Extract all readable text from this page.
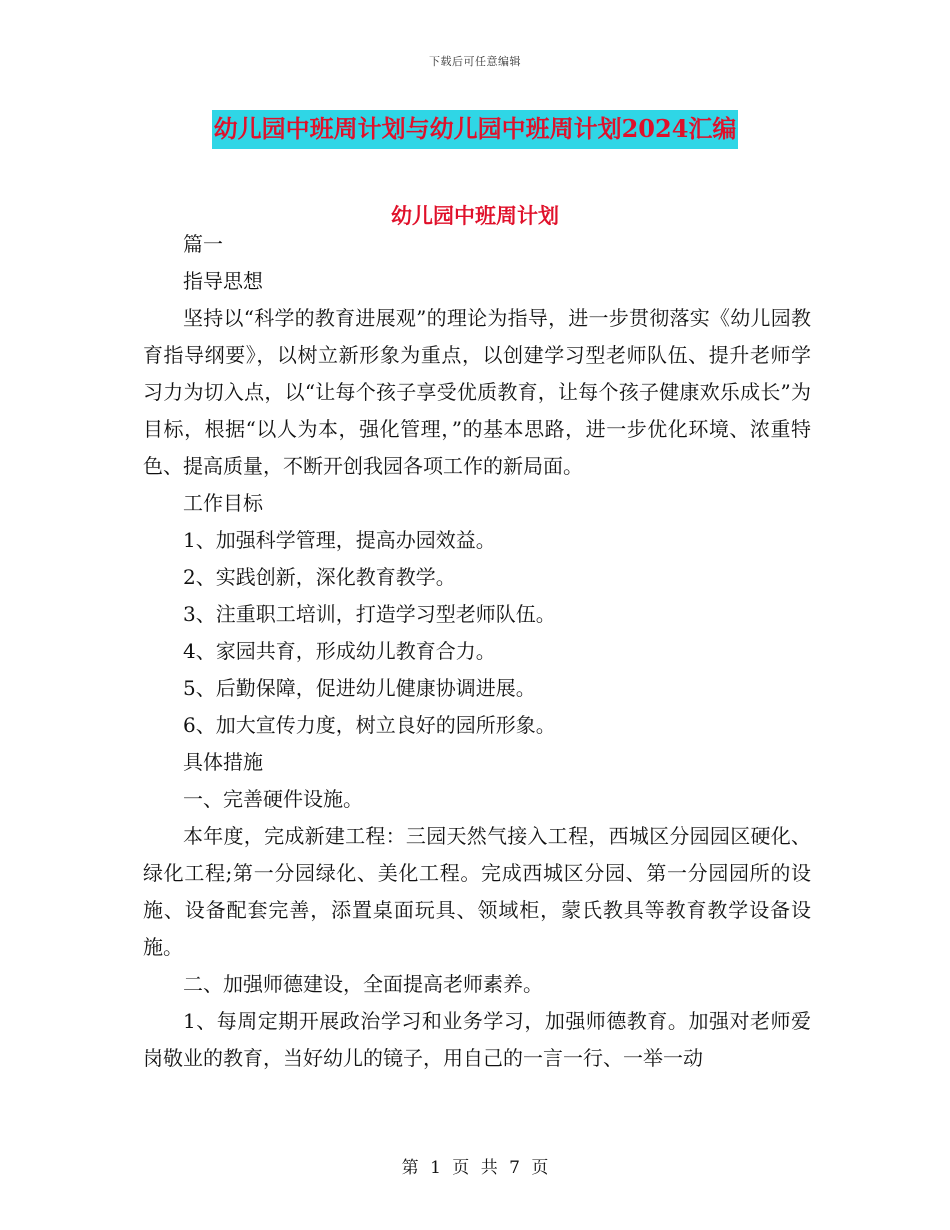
下载后可任意编辑
幼儿园中班周计划与幼儿园中班周计划2024汇编
幼儿园中班周计划

篇一

指导思想

坚持以“科学的教育进展观”的理论为指导，进一步贯彻落实《幼儿园教育指导纲要》，以树立新形象为重点，以创建学习型老师队伍、提升老师学习力为切入点，以“让每个孩子享受优质教育，让每个孩子健康欢乐成长”为目标，根据“以人为本，强化管理，”的基本思路，进一步优化环境、浓重特色、提高质量，不断开创我园各项工作的新局面。

工作目标

1、加强科学管理，提高办园效益。

2、实践创新，深化教育教学。

3、注重职工培训，打造学习型老师队伍。

4、家园共育，形成幼儿教育合力。

5、后勤保障，促进幼儿健康协调进展。

6、加大宣传力度，树立良好的园所形象。

具体措施

一、完善硬件设施。

本年度，完成新建工程：三园天然气接入工程，西城区分园园区硬化、绿化工程;第一分园绿化、美化工程。完成西城区分园、第一分园园所的设施、设备配套完善，添置桌面玩具、领域柜，蒙氏教具等教育教学设备设施。

二、加强师德建设，全面提高老师素养。

1、每周定期开展政治学习和业务学习，加强师德教育。加强对老师爱岗敬业的教育，当好幼儿的镜子，用自己的一言一行、一举一动

第 1 页 共 7 页
